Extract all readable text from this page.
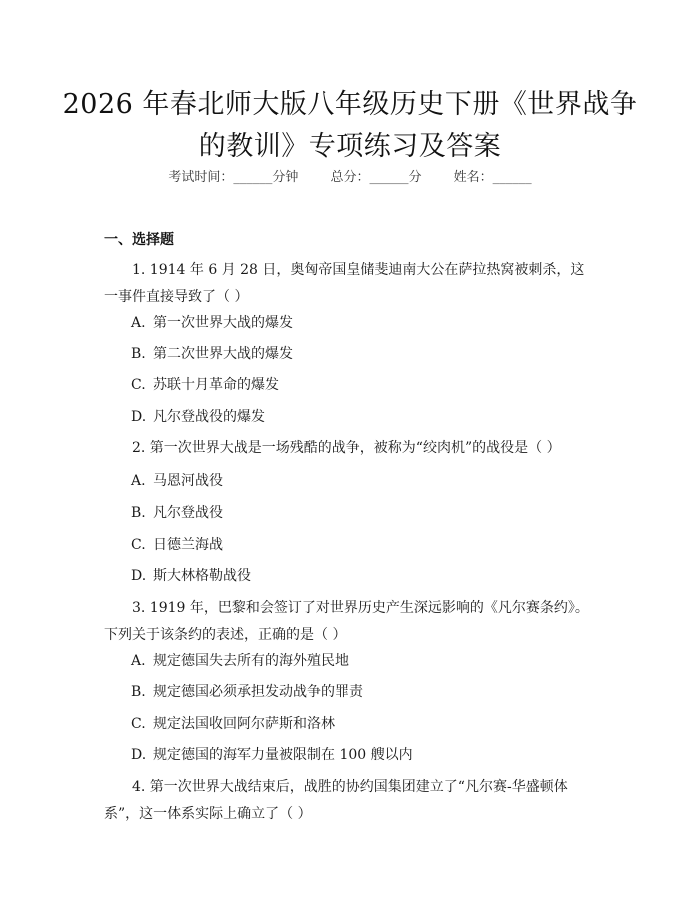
2026 年春北师大版八年级历史下册《世界战争的教训》专项练习及答案
考试时间：______分钟 总分：______分 姓名：______
一、选择题

1. 1914 年 6 月 28 日，奥匈帝国皇储斐迪南大公在萨拉热窝被刺杀，这一事件直接导致了（ ）

A. 第一次世界大战的爆发

B. 第二次世界大战的爆发

C. 苏联十月革命的爆发

D. 凡尔登战役的爆发

2. 第一次世界大战是一场残酷的战争，被称为“绞肉机”的战役是（ ）

A. 马恩河战役

B. 凡尔登战役

C. 日德兰海战

D. 斯大林格勒战役

3. 1919 年，巴黎和会签订了对世界历史产生深远影响的《凡尔赛条约》。下列关于该条约的表述，正确的是（ ）

A. 规定德国失去所有的海外殖民地

B. 规定德国必须承担发动战争的罪责

C. 规定法国收回阿尔萨斯和洛林

D. 规定德国的海军力量被限制在 100 艘以内

4. 第一次世界大战结束后，战胜的协约国集团建立了“凡尔赛-华盛顿体系”，这一体系实际上确立了（ ）
